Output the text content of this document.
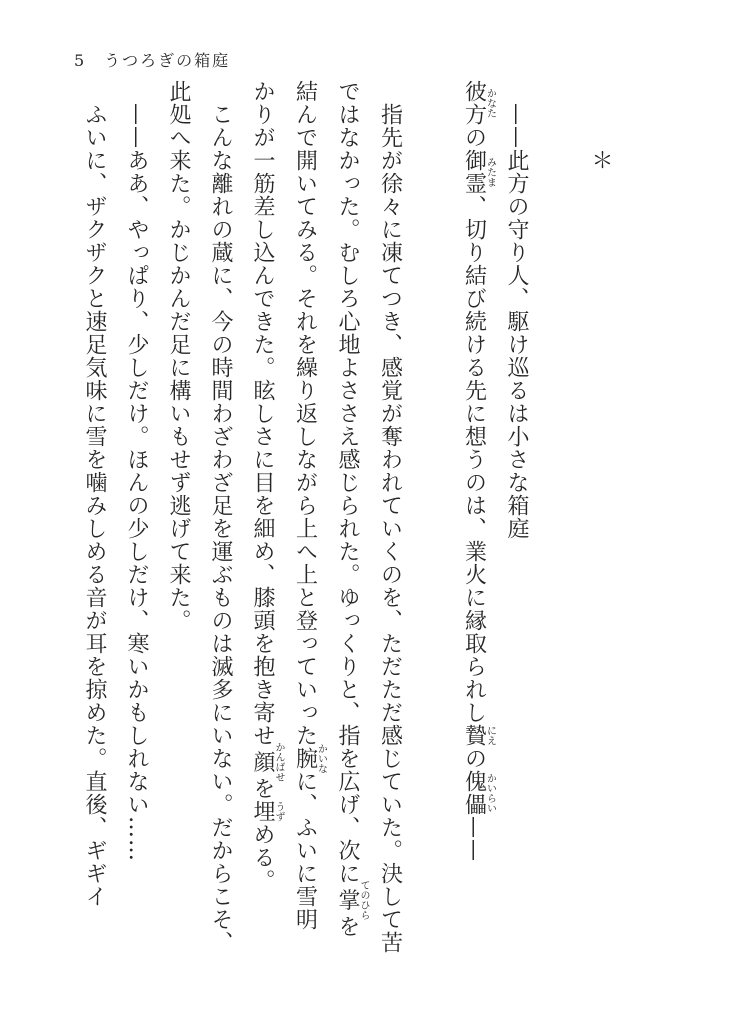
5　うつろぎの箱庭
　　　＊
　——此方の守り人、駆け巡るは小さな箱庭
彼方かなたの御霊みたま、切り結び続ける先に想うのは、業火に縁取られし贄にえの傀儡かいらい——
　指先が徐々に凍てつき、感覚が奪われていくのを、ただただ感じていた。決して苦
ではなかった。むしろ心地よささえ感じられた。ゆっくりと、指を広げ、次に掌てのひらを
結んで開いてみる。それを繰り返しながら上へ上と登っていった腕かいなに、ふいに雪明
かりが一筋差し込んできた。眩しさに目を細め、膝頭を抱き寄せ顔かんばせを埋うずめる。
　こんな離れの蔵に、今の時間わざわざ足を運ぶものは滅多にいない。だからこそ、
此処へ来た。かじかんだ足に構いもせず逃げて来た。
　——ああ、やっぱり、少しだけ。ほんの少しだけ、寒いかもしれない……
　ふいに、ザクザクと速足気味に雪を噛みしめる音が耳を掠めた。直後、ギギイ
